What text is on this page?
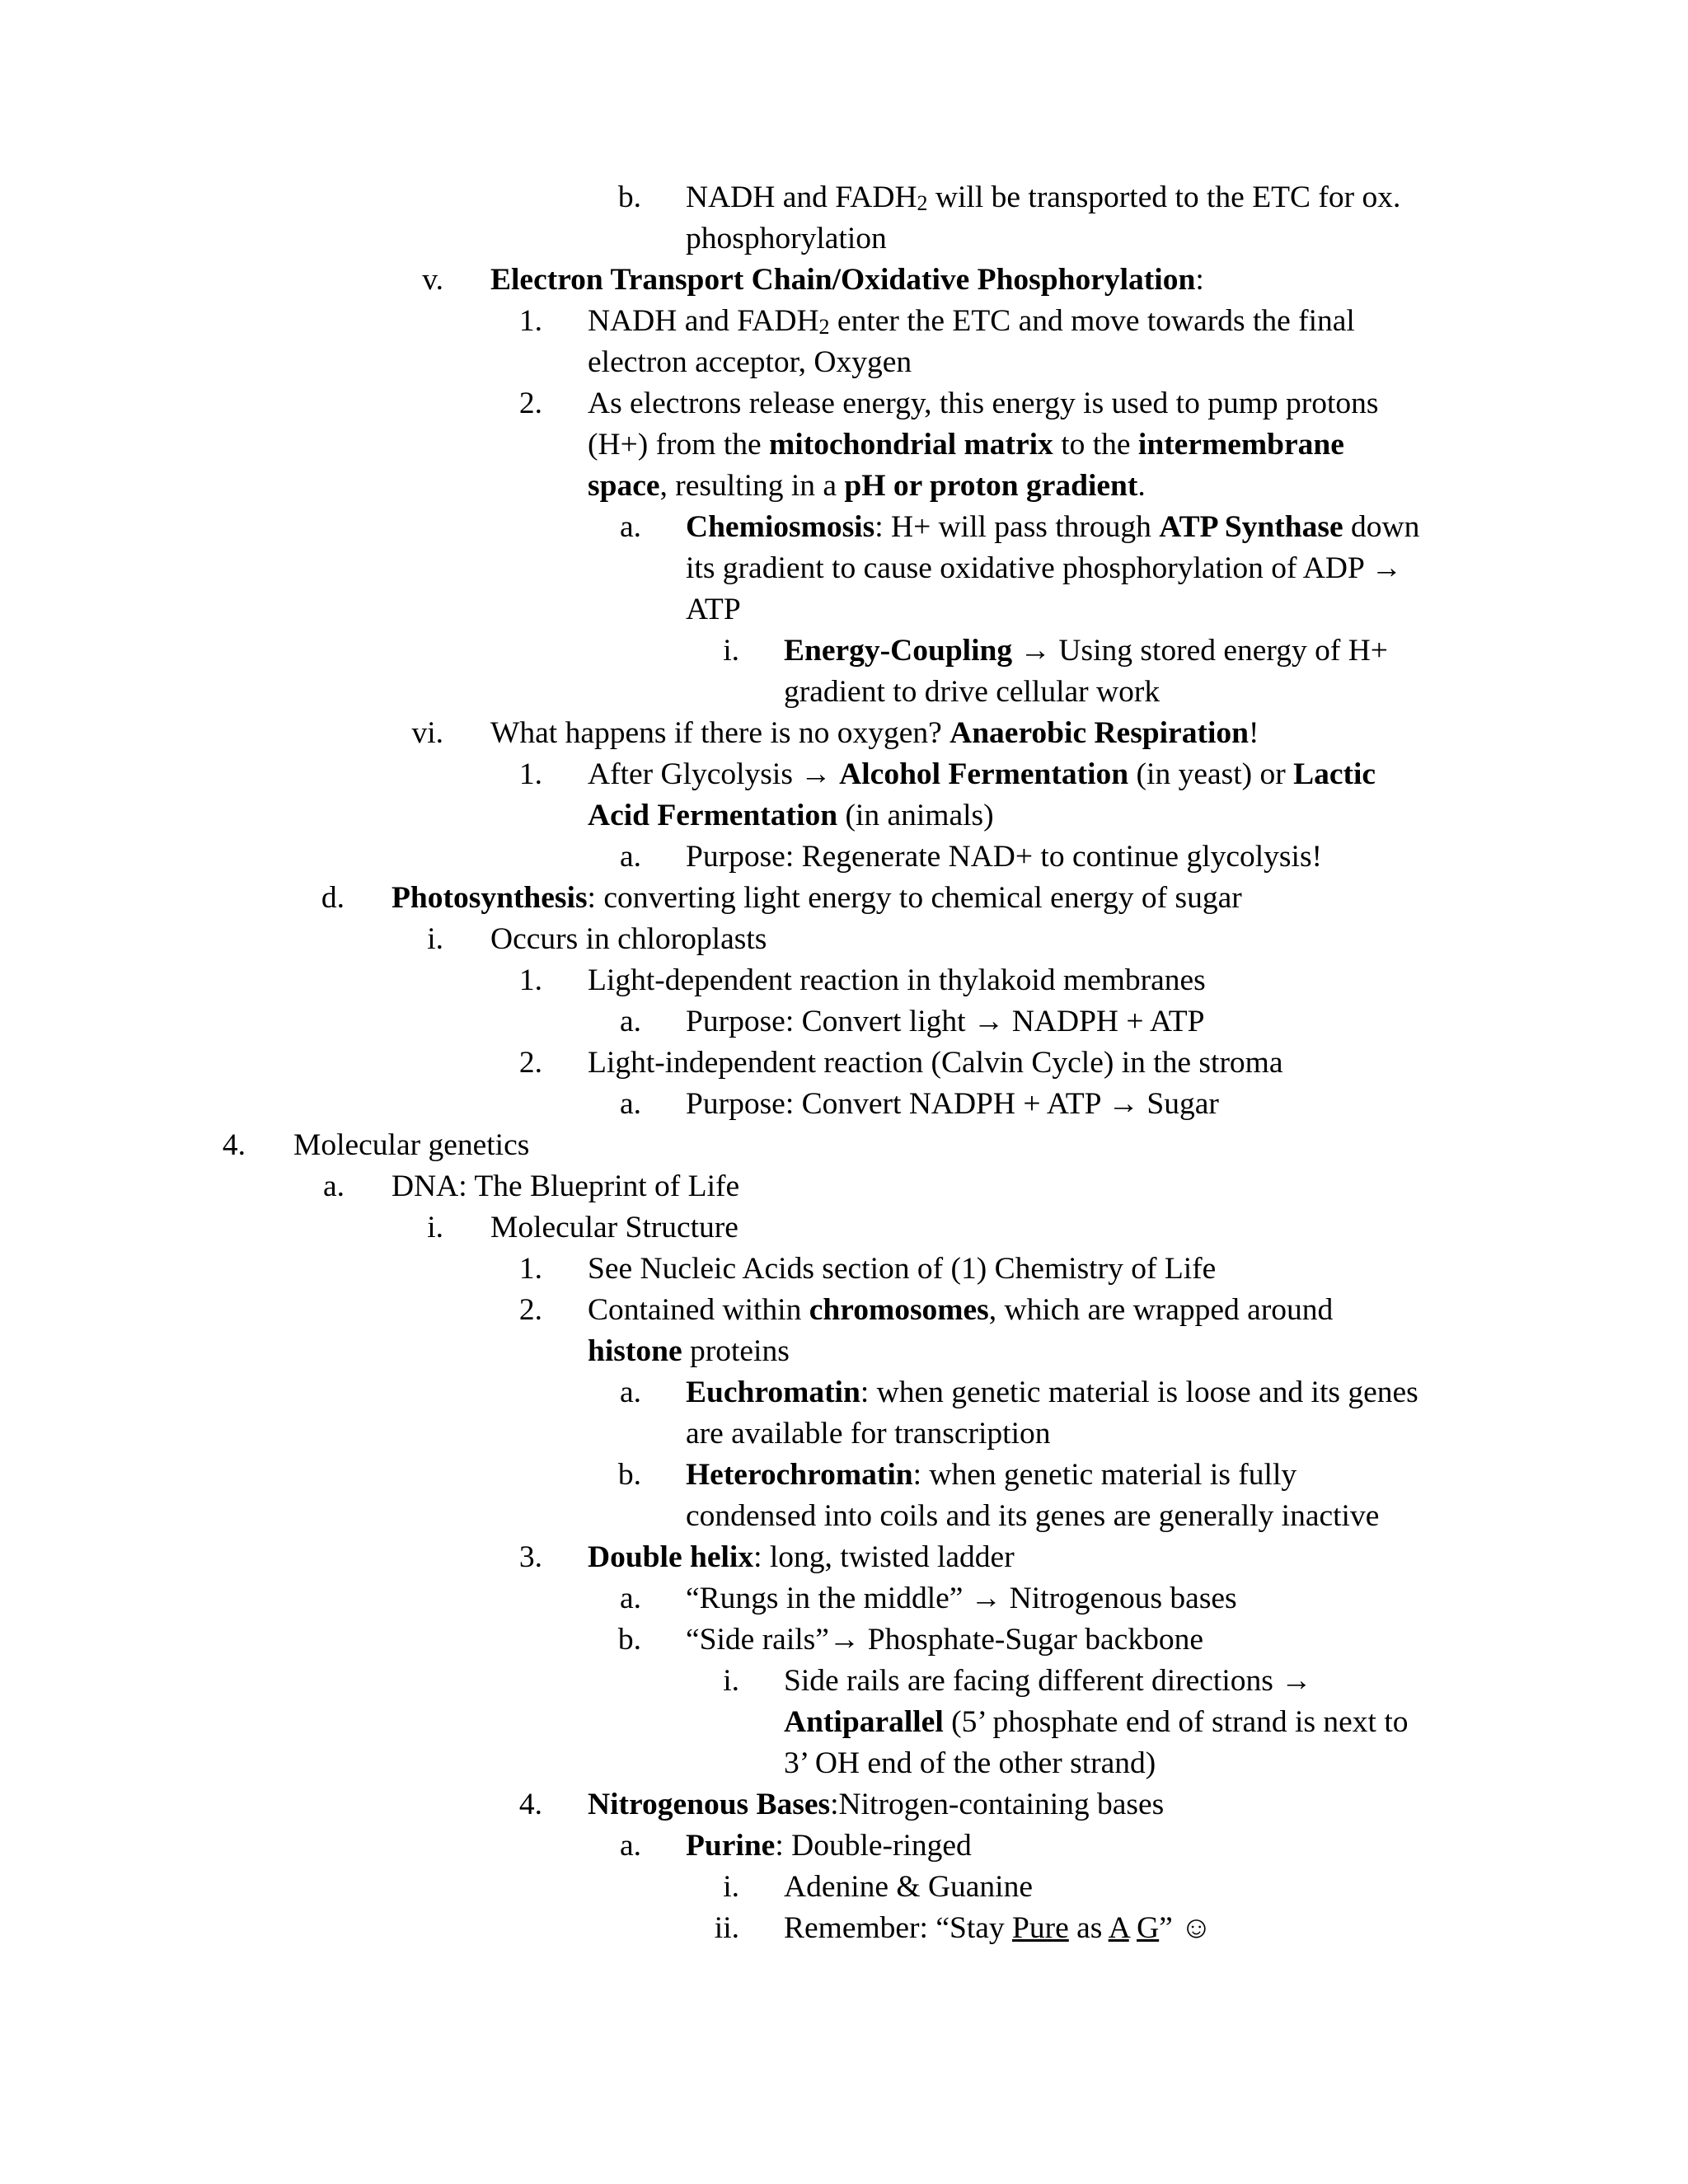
b. NADH and $FADH_2$ will be transported to the ETC for ox.
phosphorylation
v. Electron Transport Chain/Oxidative Phosphorylation:
1. NADH and $FADH_2$ enter the ETC and move towards the final
electron acceptor, Oxygen
2. As electrons release energy, this energy is used to pump protons
(H+) from the mitochondrial matrix to the intermembrane
space, resulting in a pH or proton gradient.
a. Chemiosmosis: H+ will pass through ATP Synthase down
its gradient to cause oxidative phosphorylation of ADP →
ATP
i. Energy-Coupling → Using stored energy of H+
gradient to drive cellular work
vi. What happens if there is no oxygen? Anaerobic Respiration!
1. After Glycolysis → Alcohol Fermentation (in yeast) or Lactic
Acid Fermentation (in animals)
a. Purpose: Regenerate NAD+ to continue glycolysis!
d. Photosynthesis: converting light energy to chemical energy of sugar
i. Occurs in chloroplasts
1. Light-dependent reaction in thylakoid membranes
a. Purpose: Convert light → NADPH + ATP
2. Light-independent reaction (Calvin Cycle) in the stroma
a. Purpose: Convert NADPH + ATP → Sugar
4. Molecular genetics
a. DNA: The Blueprint of Life
i. Molecular Structure
1. See Nucleic Acids section of (1) Chemistry of Life
2. Contained within chromosomes, which are wrapped around
histone proteins
a. Euchromatin: when genetic material is loose and its genes
are available for transcription
b. Heterochromatin: when genetic material is fully
condensed into coils and its genes are generally inactive
3. Double helix: long, twisted ladder
a. “Rungs in the middle” → Nitrogenous bases
b. “Side rails”→ Phosphate-Sugar backbone
i. Side rails are facing different directions →
Antiparallel (5’ phosphate end of strand is next to
3’ OH end of the other strand)
4. Nitrogenous Bases:Nitrogen-containing bases
a. Purine: Double-ringed
i. Adenine & Guanine
ii. Remember: “Stay Pure as A G” ☺
